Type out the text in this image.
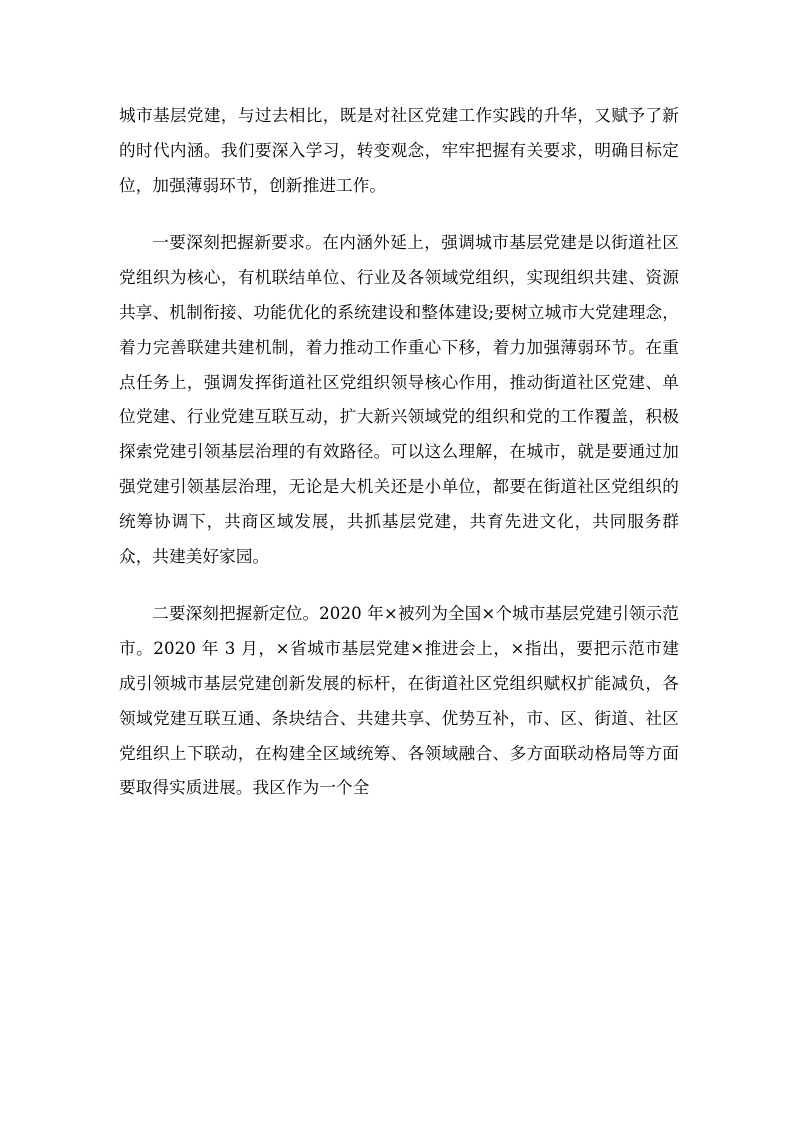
城市基层党建，与过去相比，既是对社区党建工作实践的升华，又赋予了新的时代内涵。我们要深入学习，转变观念，牢牢把握有关要求，明确目标定位，加强薄弱环节，创新推进工作。

一要深刻把握新要求。在内涵外延上，强调城市基层党建是以街道社区党组织为核心，有机联结单位、行业及各领域党组织，实现组织共建、资源共享、机制衔接、功能优化的系统建设和整体建设;要树立城市大党建理念，着力完善联建共建机制，着力推动工作重心下移，着力加强薄弱环节。在重点任务上，强调发挥街道社区党组织领导核心作用，推动街道社区党建、单位党建、行业党建互联互动，扩大新兴领域党的组织和党的工作覆盖，积极探索党建引领基层治理的有效路径。可以这么理解，在城市，就是要通过加强党建引领基层治理，无论是大机关还是小单位，都要在街道社区党组织的统筹协调下，共商区域发展，共抓基层党建，共育先进文化，共同服务群众，共建美好家园。

二要深刻把握新定位。2020 年×被列为全国×个城市基层党建引领示范市。2020 年 3 月，×省城市基层党建×推进会上，×指出，要把示范市建成引领城市基层党建创新发展的标杆，在街道社区党组织赋权扩能减负，各领域党建互联互通、条块结合、共建共享、优势互补，市、区、街道、社区党组织上下联动，在构建全区域统筹、各领域融合、多方面联动格局等方面要取得实质进展。我区作为一个全
